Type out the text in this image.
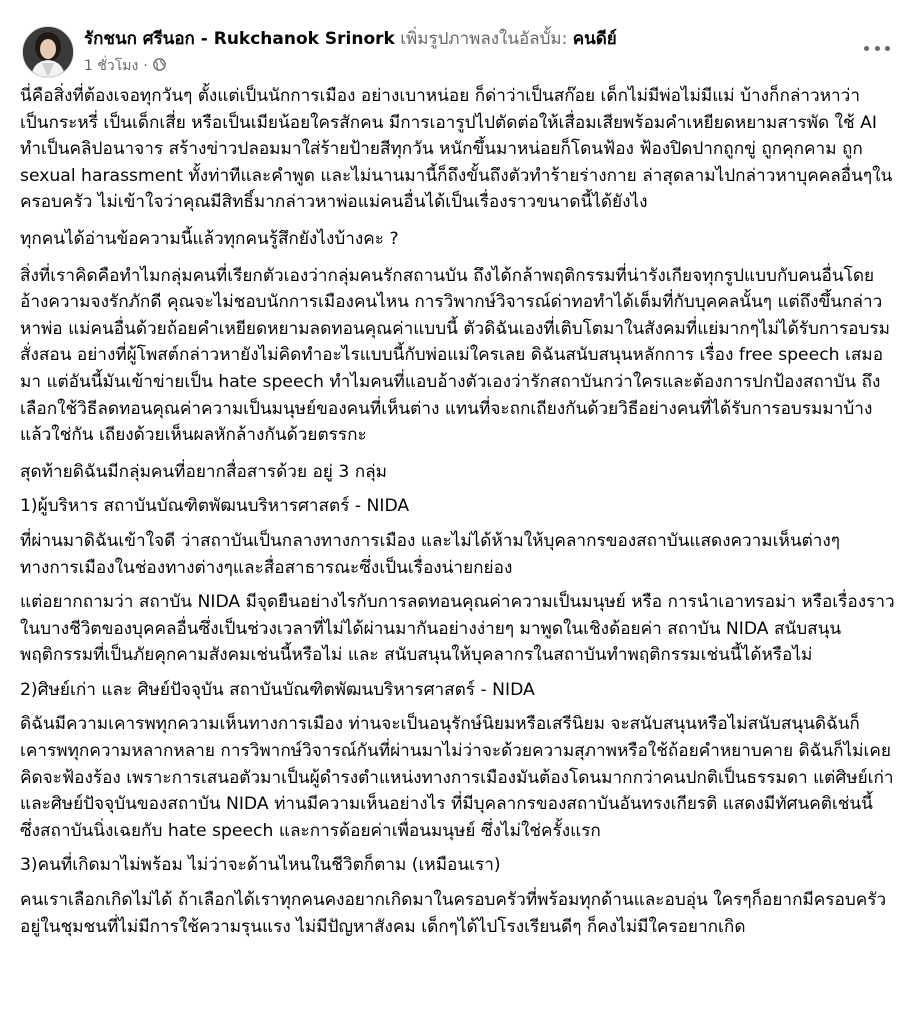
รักชนก ศรีนอก - Rukchanok Srinork เพิ่มรูปภาพลงในอัลบั้ม: คนดีย์
1 ชั่วโมง ·

นี่คือสิ่งที่ต้องเจอทุกวันๆ ตั้งแต่เป็นนักการเมือง อย่างเบาหน่อย ก็ด่าว่าเป็นสก๊อย เด็กไม่มีพ่อไม่มีแม่ บ้างก็กล่าวหาว่าเป็นกระหรี่ เป็นเด็กเสี่ย หรือเป็นเมียน้อยใครสักคน มีการเอารูปไปตัดต่อให้เสื่อมเสียพร้อมคำเหยียดหยามสารพัด ใช้ AI ทำเป็นคลิปอนาจาร สร้างข่าวปลอมมาใส่ร้ายป้ายสีทุกวัน หนักขึ้นมาหน่อยก็โดนฟ้อง ฟ้องปิดปากถูกขู่ ถูกคุกคาม ถูก sexual harassment ทั้งท่าทีและคำพูด และไม่นานมานี้ก็ถึงขั้นถึงตัวทำร้ายร่างกาย ล่าสุดลามไปกล่าวหาบุคคลอื่นๆในครอบครัว ไม่เข้าใจว่าคุณมีสิทธิ์มากล่าวหาพ่อแม่คนอื่นได้เป็นเรื่องราวขนาดนี้ได้ยังไง

ทุกคนได้อ่านข้อความนี้แล้วทุกคนรู้สึกยังไงบ้างคะ ?

สิ่งที่เราคิดคือทำไมกลุ่มคนที่เรียกตัวเองว่ากลุ่มคนรักสถานบัน ถึงได้กล้าพฤติกรรมที่น่ารังเกียจทุกรูปแบบกับคนอื่นโดยอ้างความจงรักภักดี คุณจะไม่ชอบนักการเมืองคนไหน การวิพากษ์วิจารณ์ด่าทอทำได้เต็มที่กับบุคคลนั้นๆ แต่ถึงขึ้นกล่าวหาพ่อ แม่คนอื่นด้วยถ้อยคำเหยียดหยามลดทอนคุณค่าแบบนี้ ตัวดิฉันเองที่เติบโตมาในสังคมที่แย่มากๆไม่ได้รับการอบรมสั่งสอน อย่างที่ผู้โพสต์กล่าวหายังไม่คิดทำอะไรแบบนี้กับพ่อแม่ใครเลย ดิฉันสนับสนุนหลักการ เรื่อง free speech เสมอมา แต่อันนี้มันเข้าข่ายเป็น hate speech ทำไมคนที่แอบอ้างตัวเองว่ารักสถาบันกว่าใครและต้องการปกป้องสถาบัน ถึงเลือกใช้วิธีลดทอนคุณค่าความเป็นมนุษย์ของคนที่เห็นต่าง แทนที่จะถกเถียงกันด้วยวิธีอย่างคนที่ได้รับการอบรมมาบ้างแล้วใช่กัน เถียงด้วยเห็นผลหักล้างกันด้วยตรรกะ

สุดท้ายดิฉันมีกลุ่มคนที่อยากสื่อสารด้วย อยู่ 3 กลุ่ม

1)ผู้บริหาร สถาบันบัณฑิตพัฒนบริหารศาสตร์ - NIDA

ที่ผ่านมาดิฉันเข้าใจดี ว่าสถาบันเป็นกลางทางการเมือง และไม่ได้ห้ามให้บุคลากรของสถาบันแสดงความเห็นต่างๆทางการเมืองในช่องทางต่างๆและสื่อสาธารณะซึ่งเป็นเรื่องน่ายกย่อง

แต่อยากถามว่า สถาบัน NIDA มีจุดยืนอย่างไรกับการลดทอนคุณค่าความเป็นมนุษย์ หรือ การนำเอาทรอม่า หรือเรื่องราวในบางชีวิตของบุคคลอื่นซึ่งเป็นช่วงเวลาที่ไม่ได้ผ่านมากันอย่างง่ายๆ มาพูดในเชิงด้อยค่า สถาบัน NIDA สนับสนุนพฤติกรรมที่เป็นภัยคุกคามสังคมเช่นนี้หรือไม่ และ สนับสนุนให้บุคลากรในสถาบันทำพฤติกรรมเช่นนี้ได้หรือไม่

2)ศิษย์เก่า และ ศิษย์ปัจจุบัน สถาบันบัณฑิตพัฒนบริหารศาสตร์ - NIDA

ดิฉันมีความเคารพทุกความเห็นทางการเมือง ท่านจะเป็นอนุรักษ์นิยมหรือเสรีนิยม จะสนับสนุนหรือไม่สนับสนุนดิฉันก็เคารพทุกความหลากหลาย การวิพากษ์วิจารณ์กันที่ผ่านมาไม่ว่าจะด้วยความสุภาพหรือใช้ถ้อยคำหยาบคาย ดิฉันก็ไม่เคยคิดจะฟ้องร้อง เพราะการเสนอตัวมาเป็นผู้ดำรงตำแหน่งทางการเมืองมันต้องโดนมากกว่าคนปกติเป็นธรรมดา แต่ศิษย์เก่าและศิษย์ปัจจุบันของสถาบัน NIDA ท่านมีความเห็นอย่างไร ที่มีบุคลากรของสถาบันอันทรงเกียรติ แสดงมีทัศนคติเช่นนี้ ซึ่งสถาบันนิ่งเฉยกับ hate speech และการด้อยค่าเพื่อนมนุษย์ ซึ่งไม่ใช่ครั้งแรก

3)คนที่เกิดมาไม่พร้อม ไม่ว่าจะด้านไหนในชีวิตก็ตาม (เหมือนเรา)

คนเราเลือกเกิดไม่ได้ ถ้าเลือกได้เราทุกคนคงอยากเกิดมาในครอบครัวที่พร้อมทุกด้านและอบอุ่น ใครๆก็อยากมีครอบครัวอยู่ในชุมชนที่ไม่มีการใช้ความรุนแรง ไม่มีปัญหาสังคม เด็กๆได้ไปโรงเรียนดีๆ ก็คงไม่มีใครอยากเกิด
